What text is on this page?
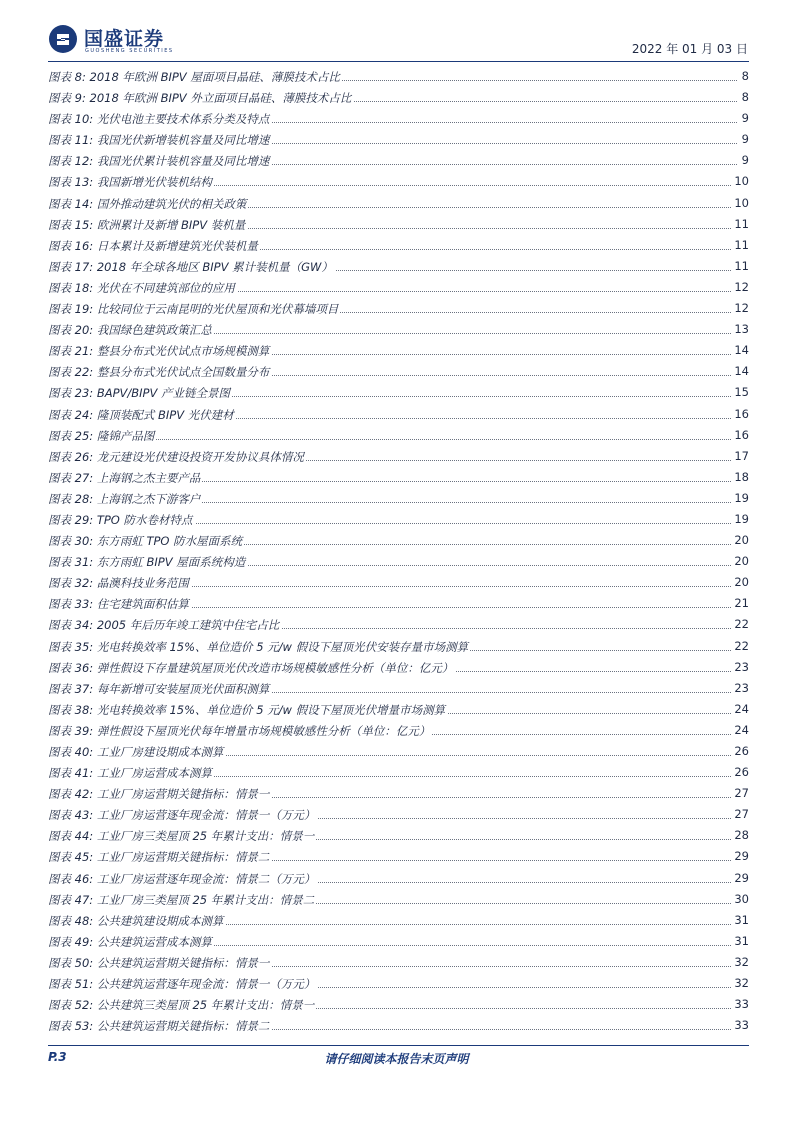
国盛证券
GUOSHENG SECURITIES	2022 年 01 月 03 日
图表 8: 2018 年欧洲 BIPV 屋面项目晶硅、薄膜技术占比	8
图表 9: 2018 年欧洲 BIPV 外立面项目晶硅、薄膜技术占比	8
图表 10: 光伏电池主要技术体系分类及特点	9
图表 11: 我国光伏新增装机容量及同比增速	9
图表 12: 我国光伏累计装机容量及同比增速	9
图表 13: 我国新增光伏装机结构	10
图表 14: 国外推动建筑光伏的相关政策	10
图表 15: 欧洲累计及新增 BIPV 装机量	11
图表 16: 日本累计及新增建筑光伏装机量	11
图表 17: 2018 年全球各地区 BIPV 累计装机量（GW）	11
图表 18: 光伏在不同建筑部位的应用	12
图表 19: 比较同位于云南昆明的光伏屋顶和光伏幕墙项目	12
图表 20: 我国绿色建筑政策汇总	13
图表 21: 整县分布式光伏试点市场规模测算	14
图表 22: 整县分布式光伏试点全国数量分布	14
图表 23: BAPV/BIPV 产业链全景图	15
图表 24: 隆顶装配式 BIPV 光伏建材	16
图表 25: 隆锦产品图	16
图表 26: 龙元建设光伏建设投资开发协议具体情况	17
图表 27: 上海钢之杰主要产品	18
图表 28: 上海钢之杰下游客户	19
图表 29: TPO 防水卷材特点	19
图表 30: 东方雨虹 TPO 防水屋面系统	20
图表 31: 东方雨虹 BIPV 屋面系统构造	20
图表 32: 晶澳科技业务范围	20
图表 33: 住宅建筑面积估算	21
图表 34: 2005 年后历年竣工建筑中住宅占比	22
图表 35: 光电转换效率 15%、单位造价 5 元/w 假设下屋顶光伏安装存量市场测算	22
图表 36: 弹性假设下存量建筑屋顶光伏改造市场规模敏感性分析（单位：亿元）	23
图表 37: 每年新增可安装屋顶光伏面积测算	23
图表 38: 光电转换效率 15%、单位造价 5 元/w 假设下屋顶光伏增量市场测算	24
图表 39: 弹性假设下屋顶光伏每年增量市场规模敏感性分析（单位：亿元）	24
图表 40: 工业厂房建设期成本测算	26
图表 41: 工业厂房运营成本测算	26
图表 42: 工业厂房运营期关键指标：情景一	27
图表 43: 工业厂房运营逐年现金流：情景一（万元）	27
图表 44: 工业厂房三类屋顶 25 年累计支出：情景一	28
图表 45: 工业厂房运营期关键指标：情景二	29
图表 46: 工业厂房运营逐年现金流：情景二（万元）	29
图表 47: 工业厂房三类屋顶 25 年累计支出：情景二	30
图表 48: 公共建筑建设期成本测算	31
图表 49: 公共建筑运营成本测算	31
图表 50: 公共建筑运营期关键指标：情景一	32
图表 51: 公共建筑运营逐年现金流：情景一（万元）	32
图表 52: 公共建筑三类屋顶 25 年累计支出：情景一	33
图表 53: 公共建筑运营期关键指标：情景二	33
请仔细阅读本报告末页声明
P.3
